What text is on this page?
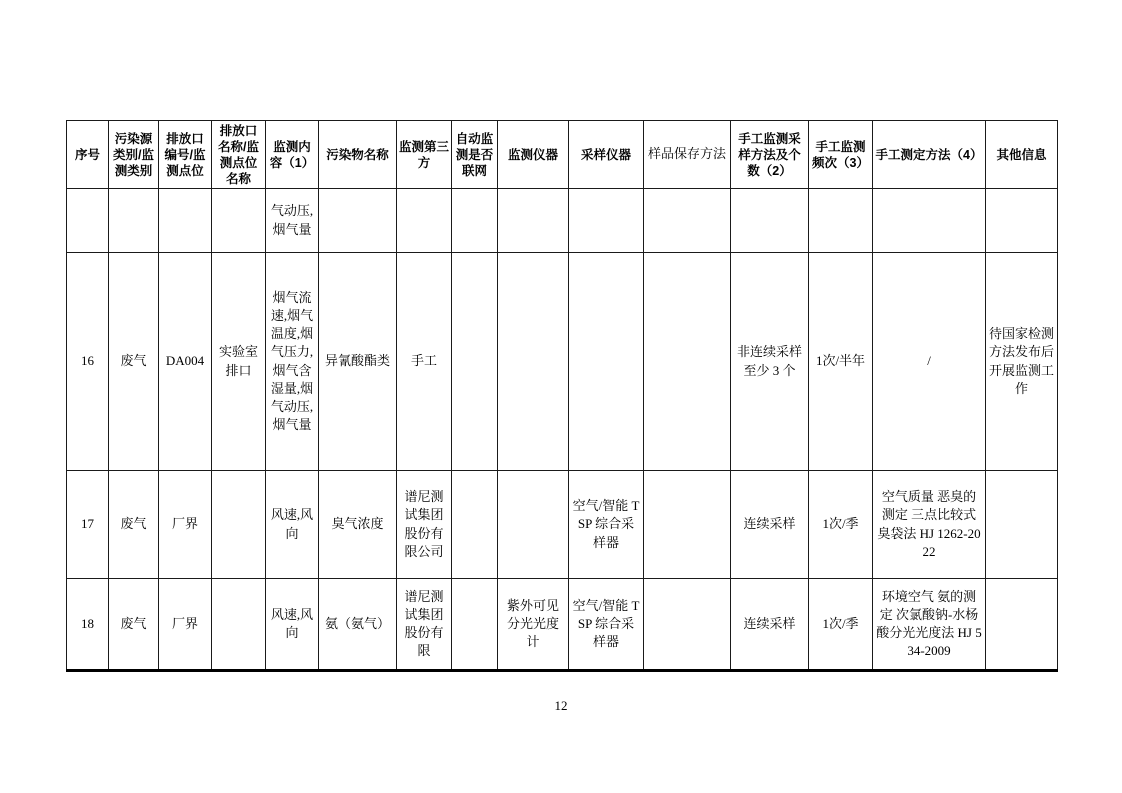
序号	污染源类别/监测类别	排放口编号/监测点位	排放口名称/监测点位名称	监测内容（1）	污染物名称	监测第三方	自动监测是否联网	监测仪器	采样仪器	样品保存方法	手工监测采样方法及个数（2）	手工监测频次（3）	手工测定方法（4）	其他信息
				气动压,烟气量										
16	废气	DA004	实验室排口	烟气流速,烟气温度,烟气压力,烟气含湿量,烟气动压,烟气量	异氰酸酯类	手工					非连续采样 至少 3 个	1次/半年	/	待国家检测方法发布后开展监测工作
17	废气	厂界		风速,风向	臭气浓度	谱尼测试集团股份有限公司			空气/智能 TSP 综合采样器		连续采样	1次/季	空气质量 恶臭的测定 三点比较式臭袋法 HJ 1262-2022	
18	废气	厂界		风速,风向	氨（氨气）	谱尼测试集团股份有限		紫外可见分光光度计	空气/智能 TSP 综合采样器		连续采样	1次/季	环境空气 氨的测定 次氯酸钠-水杨酸分光光度法 HJ 534-2009	
12
